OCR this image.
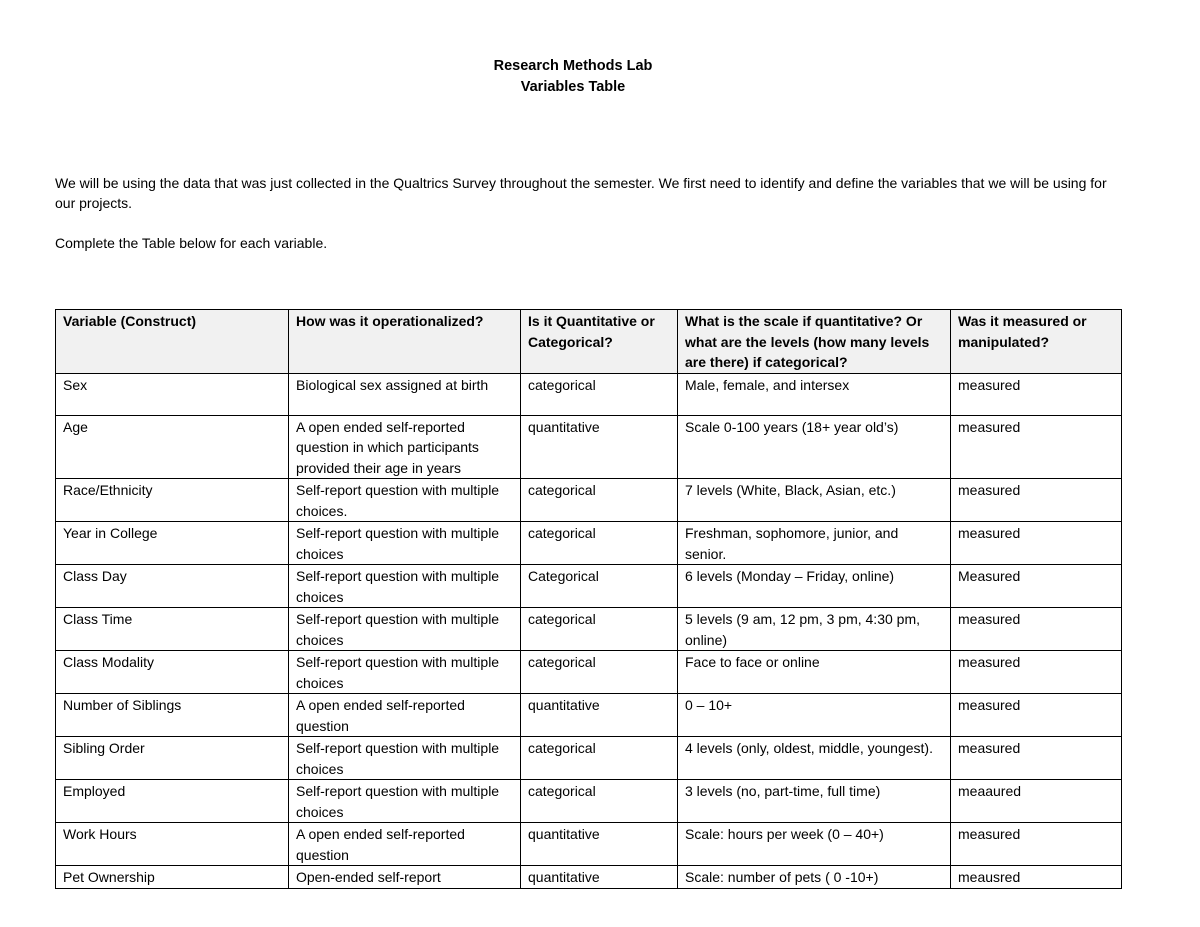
Research Methods Lab
Variables Table

We will be using the data that was just collected in the Qualtrics Survey throughout the semester. We first need to identify and define the variables that we will be using for our projects.

Complete the Table below for each variable.

Variable (Construct)	How was it operationalized?	Is it Quantitative or Categorical?	What is the scale if quantitative? Or what are the levels (how many levels are there) if categorical?	Was it measured or manipulated?
Sex	Biological sex assigned at birth	categorical	Male, female, and intersex	measured
Age	A open ended self-reported question in which participants provided their age in years	quantitative	Scale 0-100 years (18+ year old’s)	measured
Race/Ethnicity	Self-report question with multiple choices.	categorical	7 levels (White, Black, Asian, etc.)	measured
Year in College	Self-report question with multiple choices	categorical	Freshman, sophomore, junior, and senior.	measured
Class Day	Self-report question with multiple choices	Categorical	6 levels (Monday – Friday, online)	Measured
Class Time	Self-report question with multiple choices	categorical	5 levels (9 am, 12 pm, 3 pm, 4:30 pm, online)	measured
Class Modality	Self-report question with multiple choices	categorical	Face to face or online	measured
Number of Siblings	A open ended self-reported question	quantitative	0 – 10+	measured
Sibling Order	Self-report question with multiple choices	categorical	4 levels (only, oldest, middle, youngest).	measured
Employed	Self-report question with multiple choices	categorical	3 levels (no, part-time, full time)	meaaured
Work Hours	A open ended self-reported question	quantitative	Scale: hours per week (0 – 40+)	measured
Pet Ownership	Open-ended self-report	quantitative	Scale: number of pets ( 0 -10+)	meausred
